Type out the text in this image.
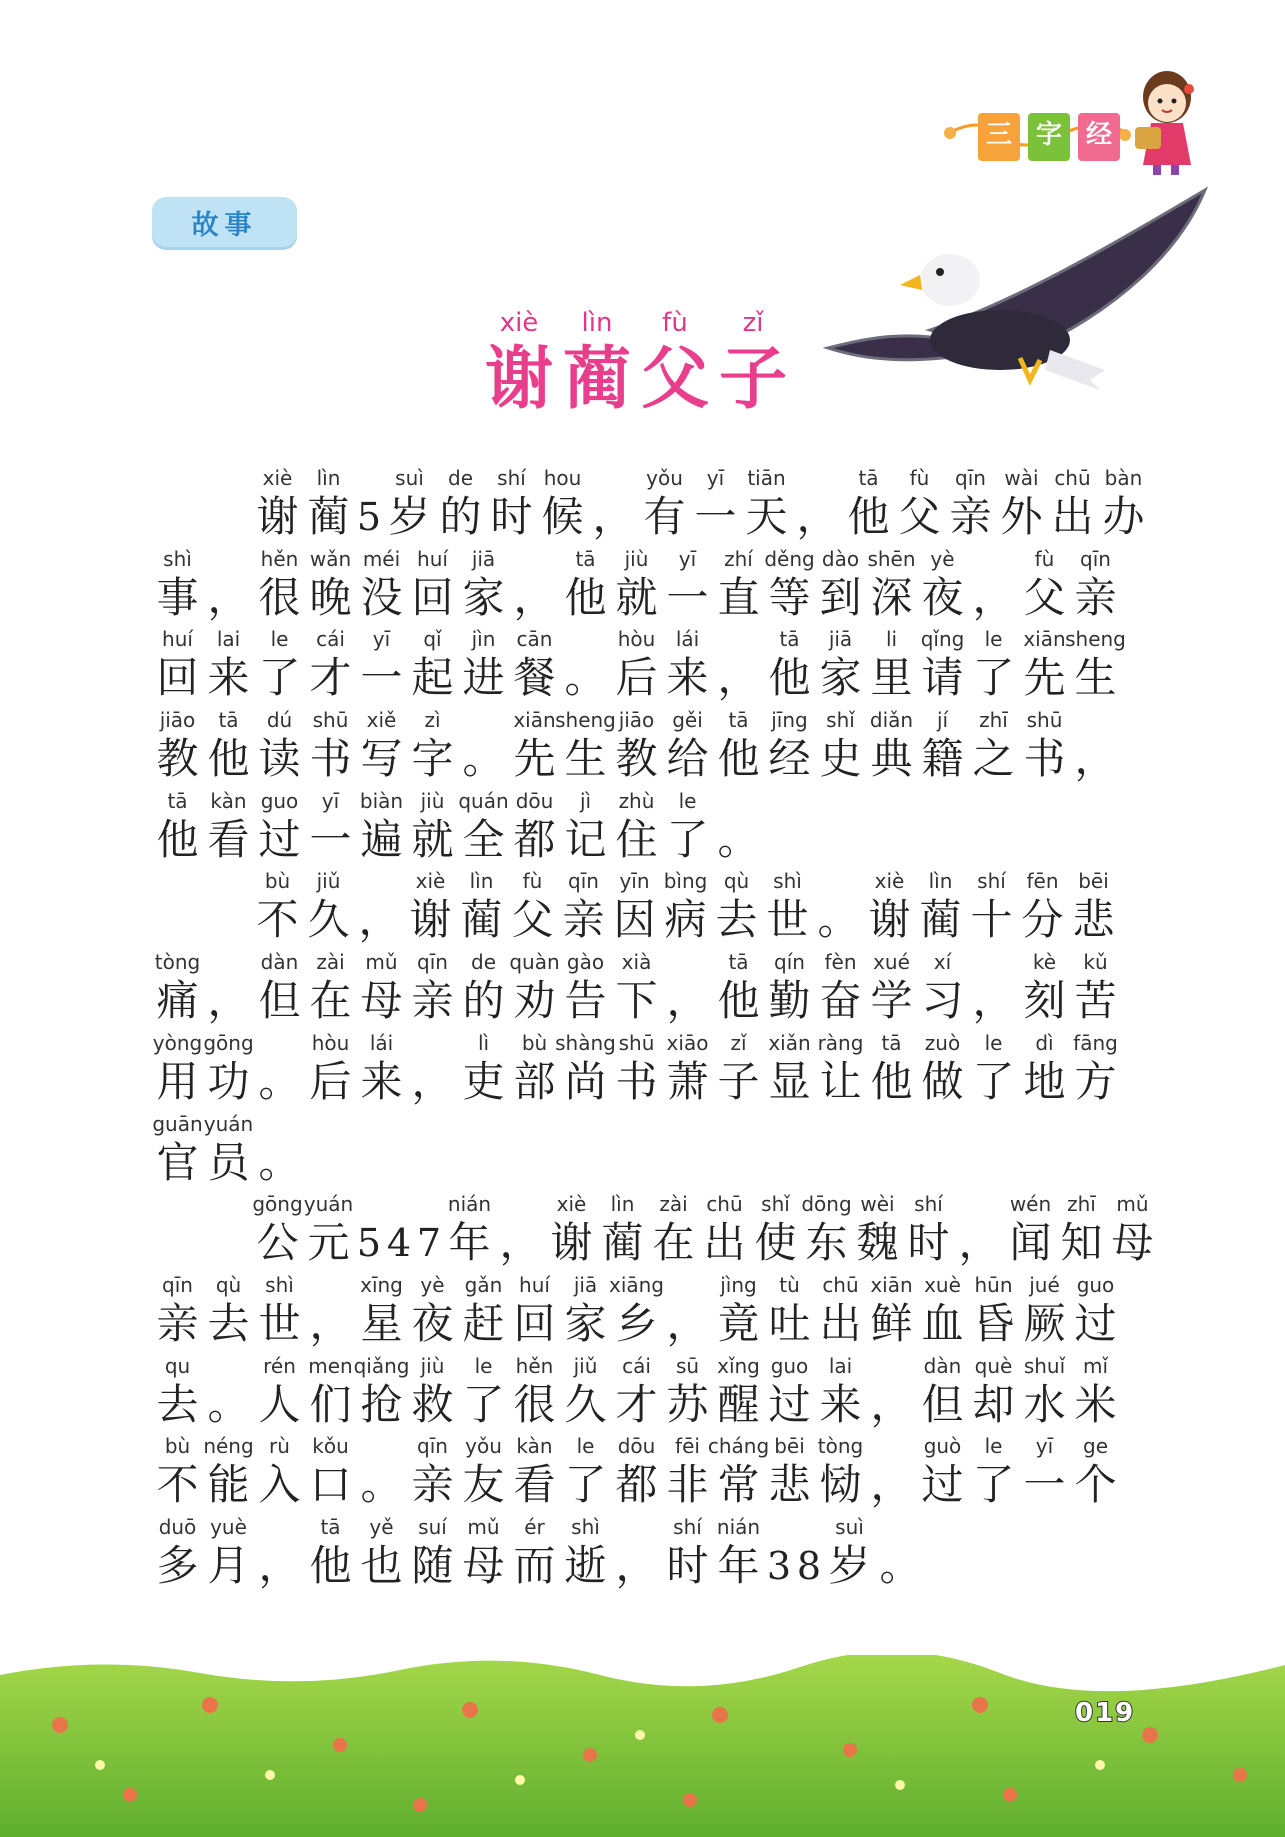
故事
三 字 经
xiè	lìn	fù	zǐ
谢 蔺 父 子
xiè
谢
lìn
蔺 5
suì
岁
de
的
shí
时
hou
候 ，
yǒu
有
yī
一
tiān
天 ，
tā
他
fù
父
qīn
亲
wài
外
chū
出
bàn
办
shì
事 ，
hěn
很
wǎn
晚
méi
没
huí
回
jiā
家 ，
tā
他
jiù
就
yī
一
zhí
直
děng
等
dào
到
shēn
深
yè
夜 ，
fù
父
qīn
亲
huí
回
lai
来
le
了
cái
才
yī
一
qǐ
起
jìn
进
cān
餐 。
hòu
后
lái
来 ，
tā
他
jiā
家
li
里
qǐng
请
le
了
xiān
先
sheng
生
jiāo
教
tā
他
dú
读
shū
书
xiě
写
zì
字 。
xiān
先
sheng
生
jiāo
教
gěi
给
tā
他
jīng
经
shǐ
史
diǎn
典
jí
籍
zhī
之
shū
书 ，
tā
他
kàn
看
guo
过
yī
一
biàn
遍
jiù
就
quán
全
dōu
都
jì
记
zhù
住
le
了 。
bù
不
jiǔ
久 ，
xiè
谢
lìn
蔺
fù
父
qīn
亲
yīn
因
bìng
病
qù
去
shì
世 。
xiè
谢
lìn
蔺
shí
十
fēn
分
bēi
悲
tòng
痛 ，
dàn
但
zài
在
mǔ
母
qīn
亲
de
的
quàn
劝
gào
告
xià
下 ，
tā
他
qín
勤
fèn
奋
xué
学
xí
习 ，
kè
刻
kǔ
苦
yòng
用
gōng
功 。
hòu
后
lái
来 ，
lì
吏
bù
部
shàng
尚
shū
书
xiāo
萧
zǐ
子
xiǎn
显
ràng
让
tā
他
zuò
做
le
了
dì
地
fāng
方
guān
官
yuán
员 。
gōng
公
yuán
元 5 4 7
nián
年 ，
xiè
谢
lìn
蔺
zài
在
chū
出
shǐ
使
dōng
东
wèi
魏
shí
时 ，
wén
闻
zhī
知
mǔ
母
qīn
亲
qù
去
shì
世 ，
xīng
星
yè
夜
gǎn
赶
huí
回
jiā
家
xiāng
乡 ，
jìng
竟
tù
吐
chū
出
xiān
鲜
xuè
血
hūn
昏
jué
厥
guo
过
qu
去 。
rén
人
men
们
qiǎng
抢
jiù
救
le
了
hěn
很
jiǔ
久
cái
才
sū
苏
xǐng
醒
guo
过
lai
来 ，
dàn
但
què
却
shuǐ
水
mǐ
米
bù
不
néng
能
rù
入
kǒu
口 。
qīn
亲
yǒu
友
kàn
看
le
了
dōu
都
fēi
非
cháng
常
bēi
悲
tòng
恸 ，
guò
过
le
了
yī
一
ge
个
duō
多
yuè
月 ，
tā
他
yě
也
suí
随
mǔ
母
ér
而
shì
逝 ，
shí
时
nián
年 3 8
suì
岁 。
019
